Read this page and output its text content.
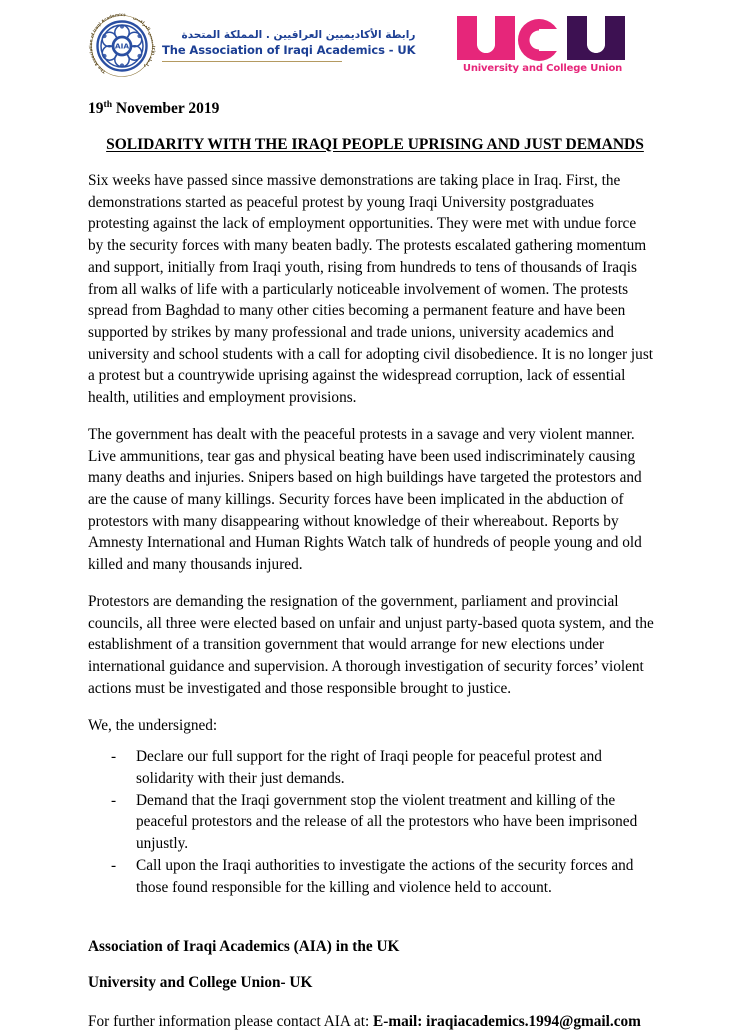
رابطة الأكاديميين العراقيين
The Association of Iraqi Academics
AIA
رابطة الأكاديميين العراقيين . المملكة المتحدة
The Association of Iraqi Academics - UK
University and College Union
19th November 2019
SOLIDARITY WITH THE IRAQI PEOPLE UPRISING AND JUST DEMANDS

Six weeks have passed since massive demonstrations are taking place in Iraq. First, the demonstrations started as peaceful protest by young Iraqi University postgraduates protesting against the lack of employment opportunities. They were met with undue force by the security forces with many beaten badly. The protests escalated gathering momentum and support, initially from Iraqi youth, rising from hundreds to tens of thousands of Iraqis from all walks of life with a particularly noticeable involvement of women. The protests spread from Baghdad to many other cities becoming a permanent feature and have been supported by strikes by many professional and trade unions, university academics and university and school students with a call for adopting civil disobedience. It is no longer just a protest but a countrywide uprising against the widespread corruption, lack of essential health, utilities and employment provisions.

The government has dealt with the peaceful protests in a savage and very violent manner. Live ammunitions, tear gas and physical beating have been used indiscriminately causing many deaths and injuries. Snipers based on high buildings have targeted the protestors and are the cause of many killings. Security forces have been implicated in the abduction of protestors with many disappearing without knowledge of their whereabout. Reports by Amnesty International and Human Rights Watch talk of hundreds of people young and old killed and many thousands injured.

Protestors are demanding the resignation of the government, parliament and provincial councils, all three were elected based on unfair and unjust party-based quota system, and the establishment of a transition government that would arrange for new elections under international guidance and supervision. A thorough investigation of security forces’ violent actions must be investigated and those responsible brought to justice.

We, the undersigned:

- Declare our full support for the right of Iraqi people for peaceful protest and solidarity with their just demands.
- Demand that the Iraqi government stop the violent treatment and killing of the peaceful protestors and the release of all the protestors who have been imprisoned unjustly.
- Call upon the Iraqi authorities to investigate the actions of the security forces and those found responsible for the killing and violence held to account.
Association of Iraqi Academics (AIA) in the UK
University and College Union- UK
For further information please contact AIA at: E-mail: iraqiacademics.1994@gmail.com
